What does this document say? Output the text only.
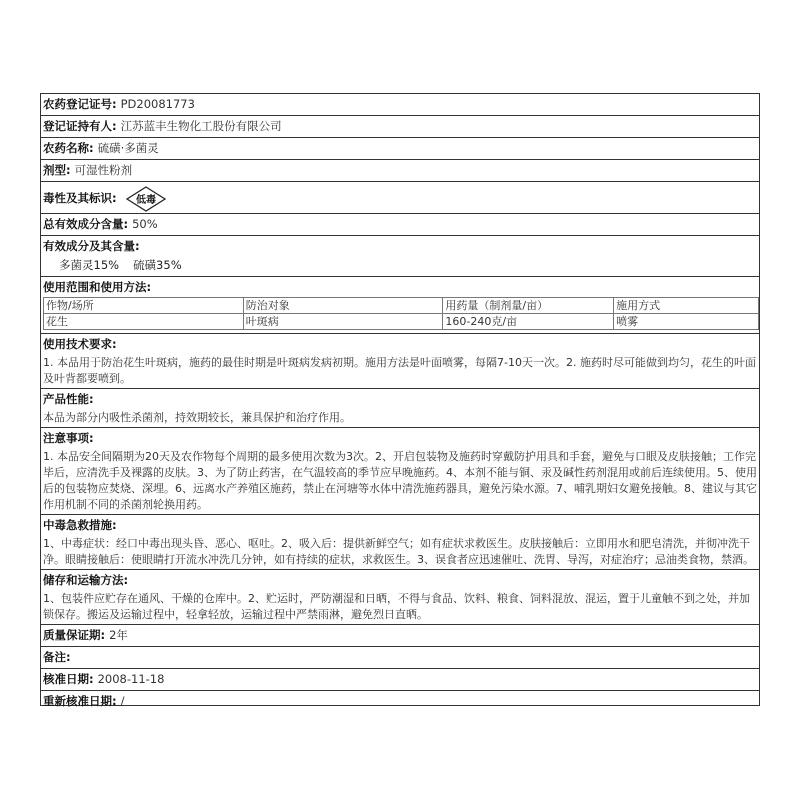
农药登记证号: PD20081773
登记证持有人: 江苏蓝丰生物化工股份有限公司
农药名称: 硫磺·多菌灵
剂型: 可湿性粉剂
毒性及其标识: 低毒
总有效成分含量: 50%
有效成分及其含量:
多菌灵15% 硫磺35%
使用范围和使用方法:
作物/场所	防治对象	用药量（制剂量/亩）	施用方式
花生	叶斑病	160-240克/亩	喷雾
使用技术要求:
1. 本品用于防治花生叶斑病，施药的最佳时期是叶斑病发病初期。施用方法是叶面喷雾，每隔7-10天一次。2. 施药时尽可能做到均匀，花生的叶面及叶背都要喷到。
产品性能:
本品为部分内吸性杀菌剂，持效期较长，兼具保护和治疗作用。
注意事项:
1. 本品安全间隔期为20天及农作物每个周期的最多使用次数为3次。2、开启包装物及施药时穿戴防护用具和手套，避免与口眼及皮肤接触；工作完毕后，应清洗手及裸露的皮肤。3、为了防止药害，在气温较高的季节应早晚施药。4、本剂不能与铜、汞及碱性药剂混用或前后连续使用。5、使用后的包装物应焚烧、深埋。6、远离水产养殖区施药，禁止在河塘等水体中清洗施药器具，避免污染水源。7、哺乳期妇女避免接触。8、建议与其它作用机制不同的杀菌剂轮换用药。
中毒急救措施:
1、中毒症状：经口中毒出现头昏、恶心、呕吐。2、吸入后：提供新鲜空气；如有症状求救医生。皮肤接触后：立即用水和肥皂清洗，并彻冲洗干净。眼睛接触后：使眼睛打开流水冲洗几分钟，如有持续的症状，求救医生。3、误食者应迅速催吐、洗胃、导泻，对症治疗；忌油类食物，禁酒。
储存和运输方法:
1、包装件应贮存在通风、干燥的仓库中。2、贮运时，严防潮湿和日晒，不得与食品、饮料、粮食、饲料混放、混运，置于儿童触不到之处，并加锁保存。搬运及运输过程中，轻拿轻放，运输过程中严禁雨淋，避免烈日直晒。
质量保证期: 2年
备注:
核准日期: 2008-11-18
重新核准日期: /
